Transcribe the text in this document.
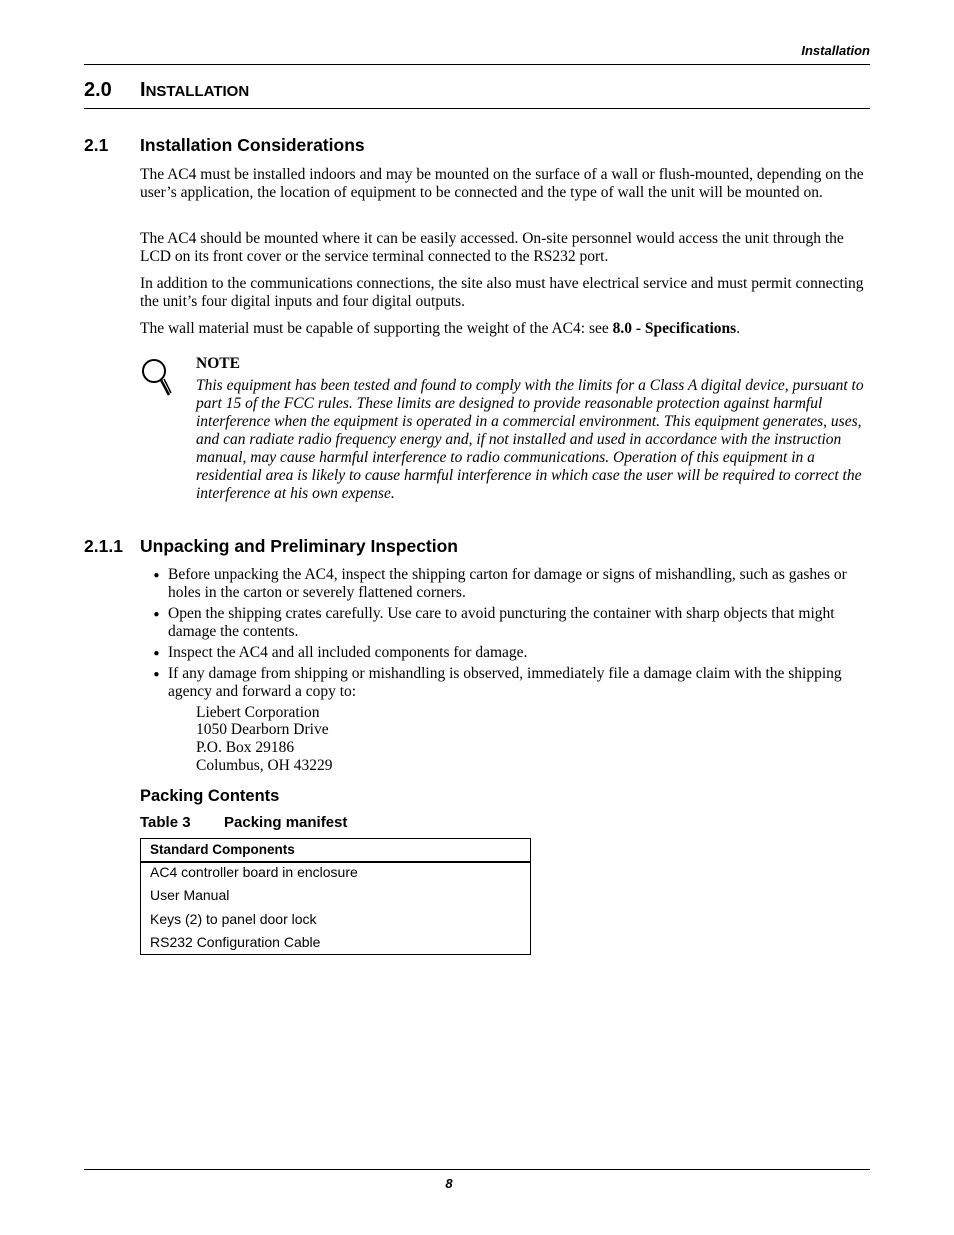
Installation
2.0 INSTALLATION
2.1 Installation Considerations
The AC4 must be installed indoors and may be mounted on the surface of a wall or flush-mounted, depending on the user’s application, the location of equipment to be connected and the type of wall the unit will be mounted on.
The AC4 should be mounted where it can be easily accessed. On-site personnel would access the unit through the LCD on its front cover or the service terminal connected to the RS232 port.
In addition to the communications connections, the site also must have electrical service and must permit connecting the unit’s four digital inputs and four digital outputs.
The wall material must be capable of supporting the weight of the AC4: see 8.0 - Specifications.
NOTE
This equipment has been tested and found to comply with the limits for a Class A digital device, pursuant to part 15 of the FCC rules. These limits are designed to provide reasonable protection against harmful interference when the equipment is operated in a commercial environment. This equipment generates, uses, and can radiate radio frequency energy and, if not installed and used in accordance with the instruction manual, may cause harmful interference to radio communications. Operation of this equipment in a residential area is likely to cause harmful interference in which case the user will be required to correct the interference at his own expense.
2.1.1 Unpacking and Preliminary Inspection
• Before unpacking the AC4, inspect the shipping carton for damage or signs of mishandling, such as gashes or holes in the carton or severely flattened corners.
• Open the shipping crates carefully. Use care to avoid puncturing the container with sharp objects that might damage the contents.
• Inspect the AC4 and all included components for damage.
• If any damage from shipping or mishandling is observed, immediately file a damage claim with the shipping agency and forward a copy to:
Liebert Corporation
1050 Dearborn Drive
P.O. Box 29186
Columbus, OH 43229
Packing Contents
Table 3 Packing manifest
Standard Components
AC4 controller board in enclosure
User Manual
Keys (2) to panel door lock
RS232 Configuration Cable
8
